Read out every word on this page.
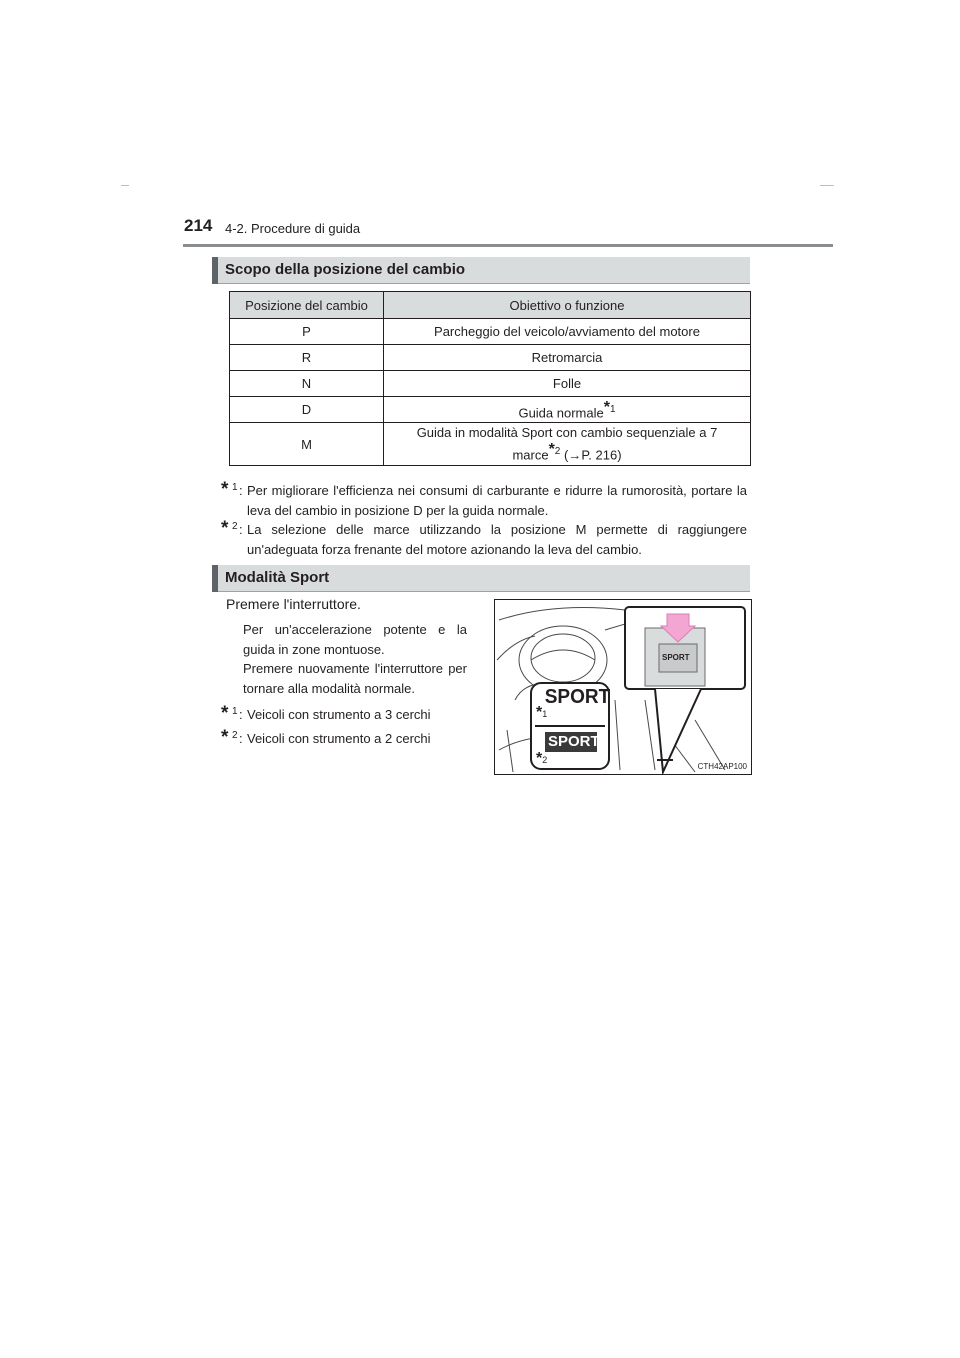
214 4-2. Procedure di guida
Scopo della posizione del cambio
Posizione del cambio	Obiettivo o funzione
P	Parcheggio del veicolo/avviamento del motore
R	Retromarcia
N	Folle
D	Guida normale$^{*1}$
M	Guida in modalità Sport con cambio sequenziale a 7
marce$^{*2}$ (→P. 216)
* 1 : Per migliorare l'efficienza nei consumi di carburante e ridurre la rumorosità, portare la leva del cambio in posizione D per la guida normale.
* 2 : La selezione delle marce utilizzando la posizione M permette di raggiungere un'adeguata forza frenante del motore azionando la leva del cambio.
Modalità Sport
Premere l'interruttore.
Per un'accelerazione potente e la guida in zone montuose.
Premere nuovamente l'interruttore per tornare alla modalità normale.
* 1 : Veicoli con strumento a 3 cerchi
* 2 : Veicoli con strumento a 2 cerchi
SPORT
SPORT
SPORT
*1
*2
CTH42AP100
